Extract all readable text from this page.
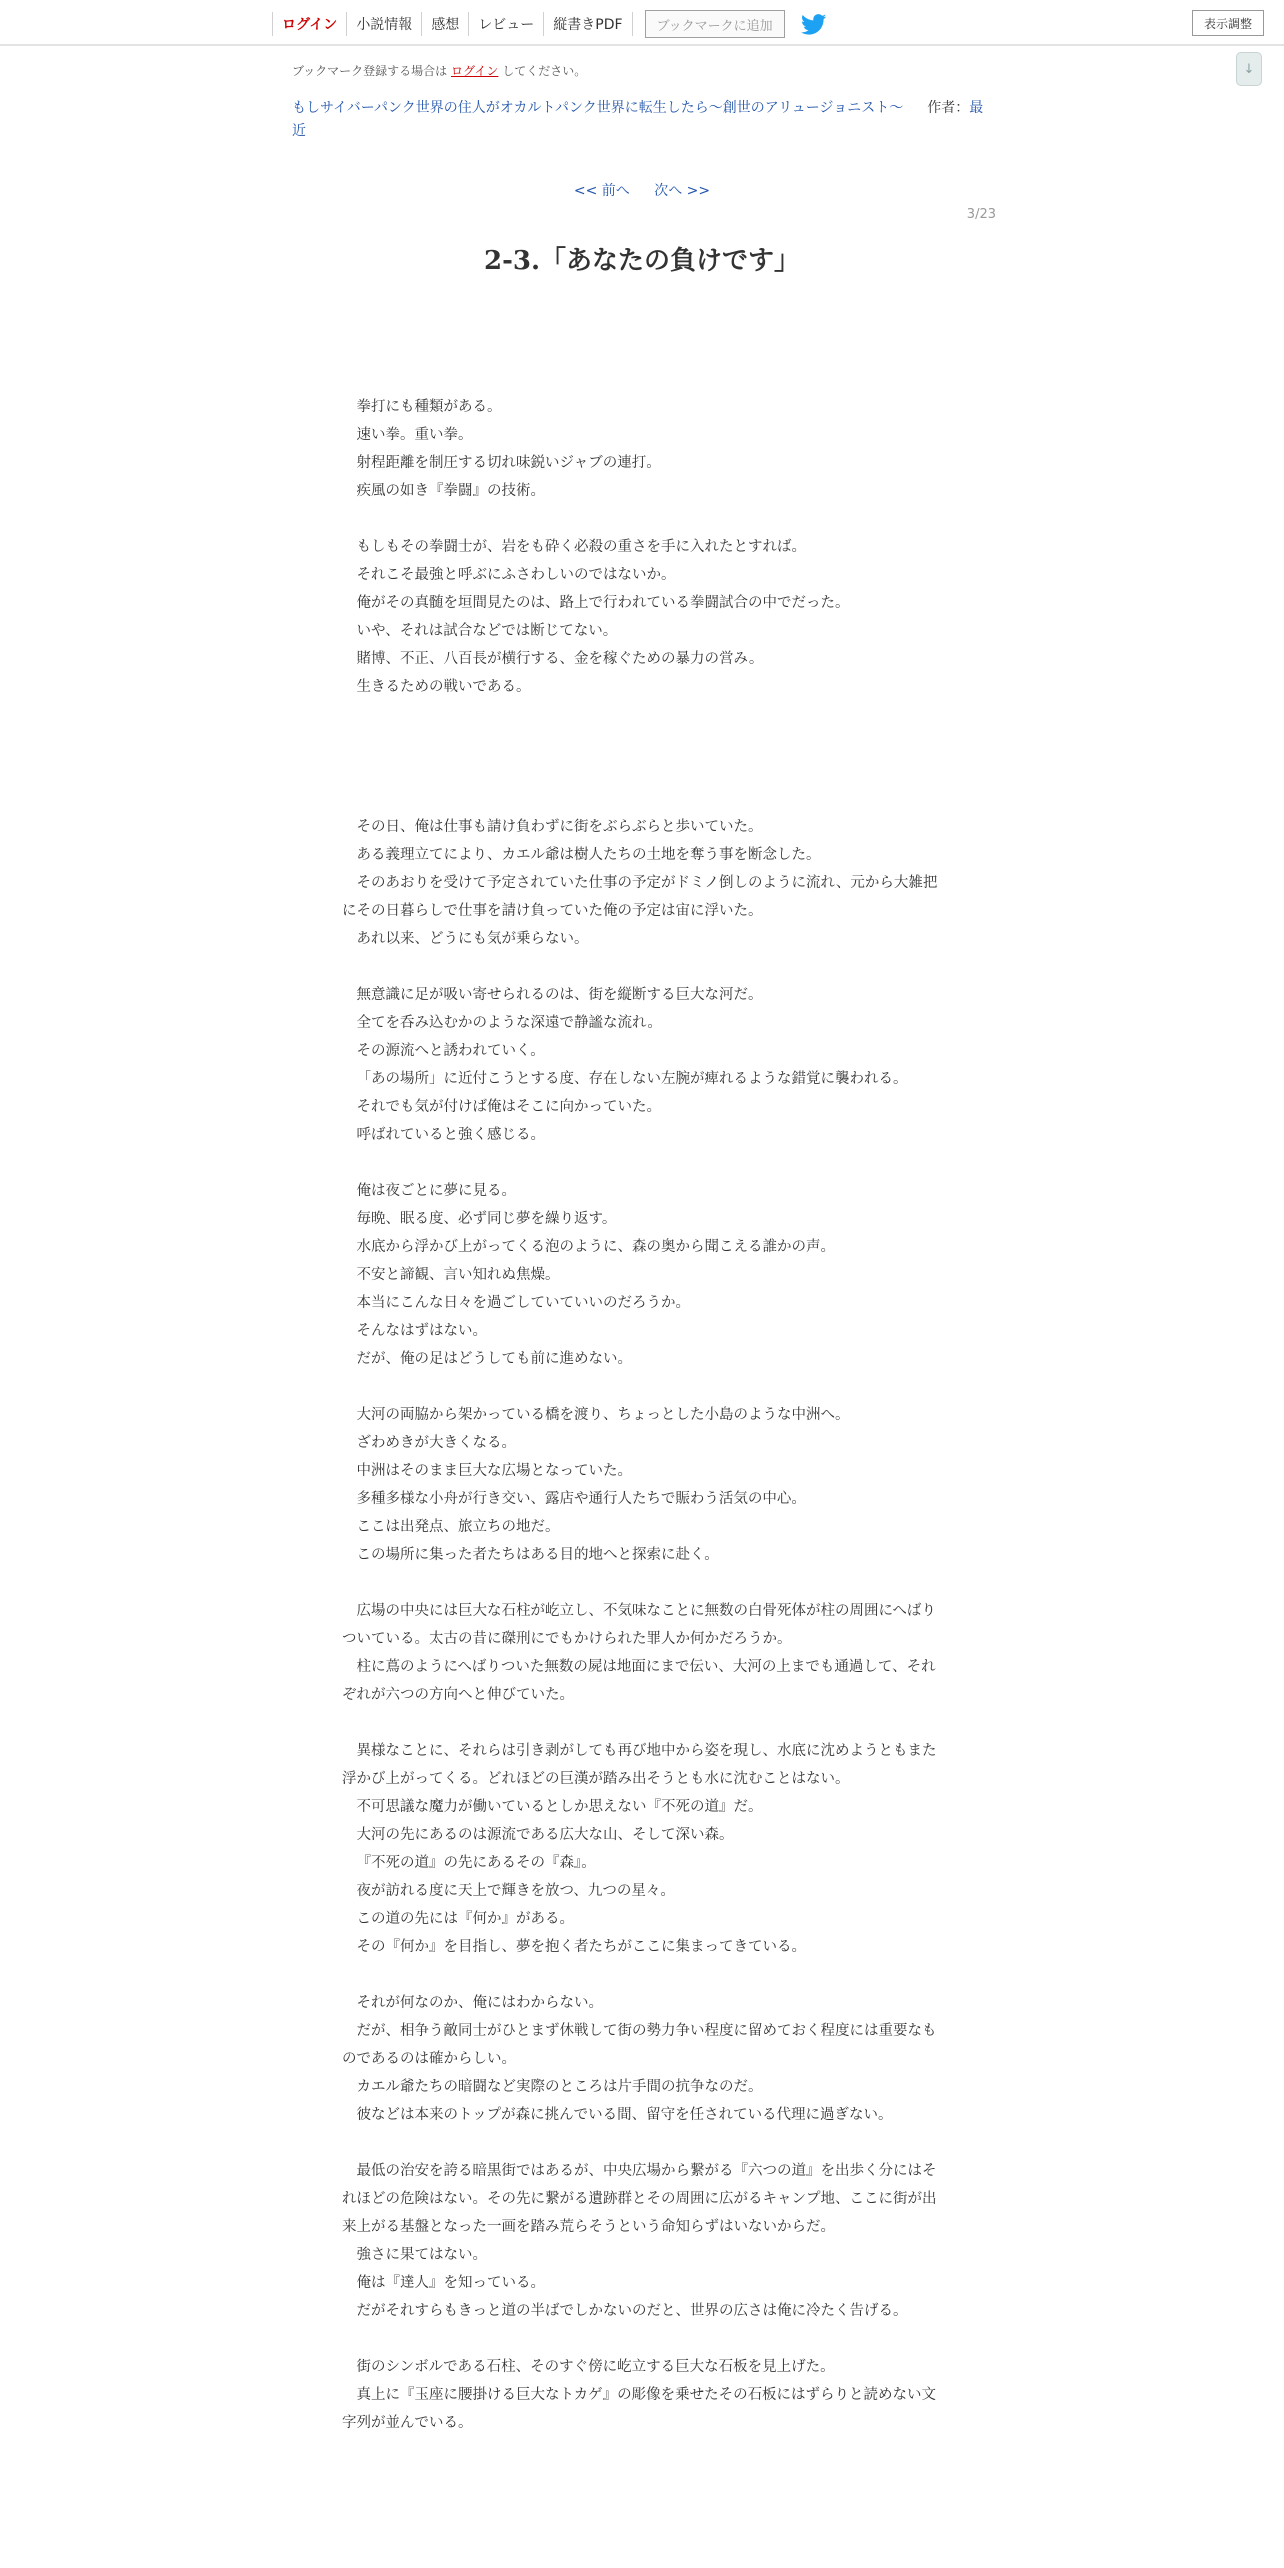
ログイン	小説情報	感想	レビュー	縦書きPDF	ブックマークに追加	表示調整
↓
ブックマーク登録する場合は ログイン してください。
もしサイバーパンク世界の住人がオカルトパンク世界に転生したら～創世のアリュージョニスト～ 作者：最近
<< 前へ 次へ >>
3/23
2-3.「あなたの負けです」

拳打にも種類がある。

速い拳。重い拳。

射程距離を制圧する切れ味鋭いジャブの連打。

疾風の如き『拳闘』の技術。

もしもその拳闘士が、岩をも砕く必殺の重さを手に入れたとすれば。

それこそ最強と呼ぶにふさわしいのではないか。

俺がその真髄を垣間見たのは、路上で行われている拳闘試合の中でだった。

いや、それは試合などでは断じてない。

賭博、不正、八百長が横行する、金を稼ぐための暴力の営み。

生きるための戦いである。

その日、俺は仕事も請け負わずに街をぶらぶらと歩いていた。

ある義理立てにより、カエル爺は樹人たちの土地を奪う事を断念した。

そのあおりを受けて予定されていた仕事の予定がドミノ倒しのように流れ、元から大雑把にその日暮らしで仕事を請け負っていた俺の予定は宙に浮いた。

あれ以来、どうにも気が乗らない。

無意識に足が吸い寄せられるのは、街を縦断する巨大な河だ。

全てを呑み込むかのような深遠で静謐な流れ。

その源流へと誘われていく。

「あの場所」に近付こうとする度、存在しない左腕が痺れるような錯覚に襲われる。

それでも気が付けば俺はそこに向かっていた。

呼ばれていると強く感じる。

俺は夜ごとに夢に見る。

毎晩、眠る度、必ず同じ夢を繰り返す。

水底から浮かび上がってくる泡のように、森の奥から聞こえる誰かの声。

不安と諦観、言い知れぬ焦燥。

本当にこんな日々を過ごしていていいのだろうか。

そんなはずはない。

だが、俺の足はどうしても前に進めない。

大河の両脇から架かっている橋を渡り、ちょっとした小島のような中洲へ。

ざわめきが大きくなる。

中洲はそのまま巨大な広場となっていた。

多種多様な小舟が行き交い、露店や通行人たちで賑わう活気の中心。

ここは出発点、旅立ちの地だ。

この場所に集った者たちはある目的地へと探索に赴く。

広場の中央には巨大な石柱が屹立し、不気味なことに無数の白骨死体が柱の周囲にへばりついている。太古の昔に磔刑にでもかけられた罪人か何かだろうか。

柱に蔦のようにへばりついた無数の屍は地面にまで伝い、大河の上までも通過して、それぞれが六つの方向へと伸びていた。

異様なことに、それらは引き剥がしても再び地中から姿を現し、水底に沈めようともまた浮かび上がってくる。どれほどの巨漢が踏み出そうとも水に沈むことはない。

不可思議な魔力が働いているとしか思えない『不死の道』だ。

大河の先にあるのは源流である広大な山、そして深い森。

『不死の道』の先にあるその『森』。

夜が訪れる度に天上で輝きを放つ、九つの星々。

この道の先には『何か』がある。

その『何か』を目指し、夢を抱く者たちがここに集まってきている。

それが何なのか、俺にはわからない。

だが、相争う敵同士がひとまず休戦して街の勢力争い程度に留めておく程度には重要なものであるのは確からしい。

カエル爺たちの暗闘など実際のところは片手間の抗争なのだ。

彼などは本来のトップが森に挑んでいる間、留守を任されている代理に過ぎない。

最低の治安を誇る暗黒街ではあるが、中央広場から繋がる『六つの道』を出歩く分にはそれほどの危険はない。その先に繋がる遺跡群とその周囲に広がるキャンプ地、ここに街が出来上がる基盤となった一画を踏み荒らそうという命知らずはいないからだ。

強さに果てはない。

俺は『達人』を知っている。

だがそれすらもきっと道の半ばでしかないのだと、世界の広さは俺に冷たく告げる。

街のシンボルである石柱、そのすぐ傍に屹立する巨大な石板を見上げた。

真上に『玉座に腰掛ける巨大なトカゲ』の彫像を乗せたその石板にはずらりと読めない文字列が並んでいる。
